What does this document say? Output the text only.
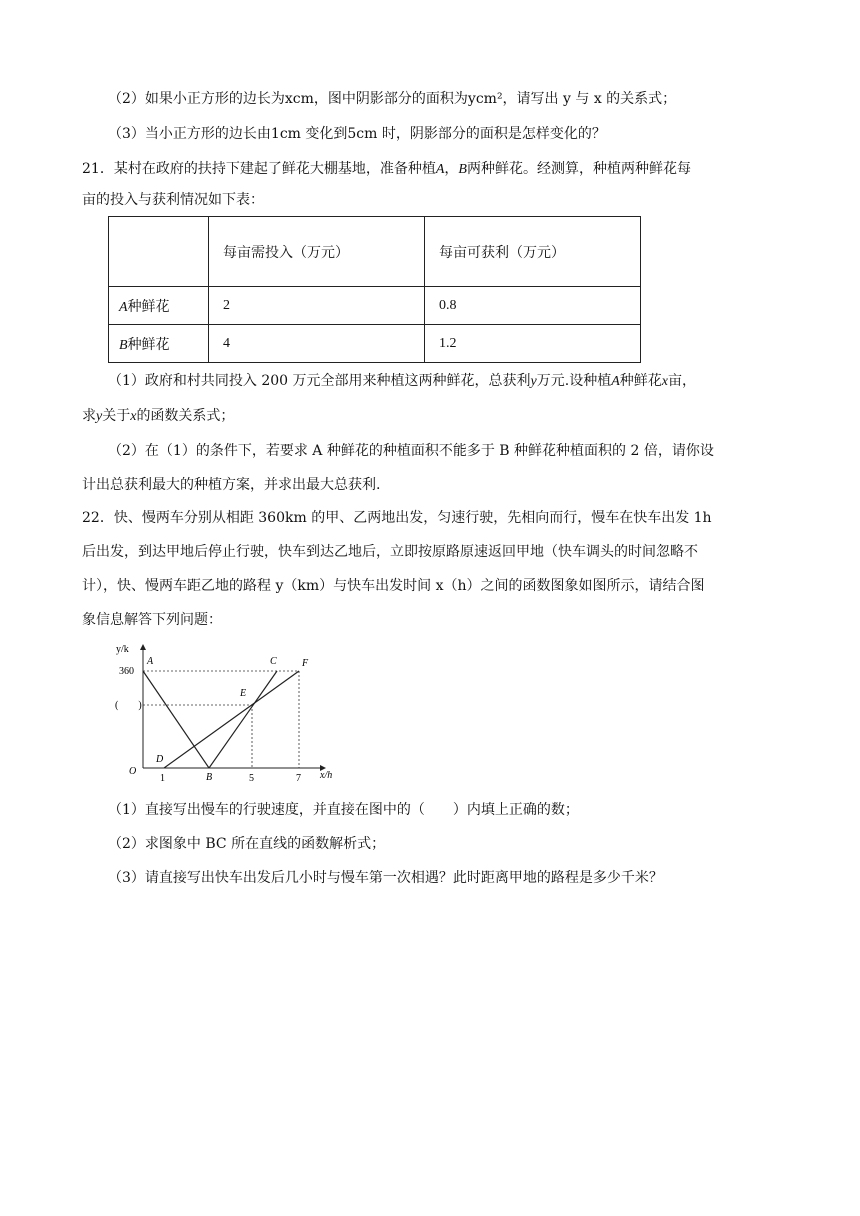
（2）如果小正方形的边长为xcm，图中阴影部分的面积为ycm²，请写出 y 与 x 的关系式；
（3）当小正方形的边长由1cm 变化到5cm 时，阴影部分的面积是怎样变化的？
21．某村在政府的扶持下建起了鲜花大棚基地，准备种植A，B两种鲜花。经测算，种植两种鲜花每
亩的投入与获利情况如下表：
	每亩需投入（万元）	每亩可获利（万元）
A种鲜花	2	0.8
B种鲜花	4	1.2
（1）政府和村共同投入 200 万元全部用来种植这两种鲜花，总获利y万元.设种植A种鲜花x亩，
求y关于x的函数关系式；
（2）在（1）的条件下，若要求 A 种鲜花的种植面积不能多于 B 种鲜花种植面积的 2 倍，请你设
计出总获利最大的种植方案，并求出最大总获利.
22．快、慢两车分别从相距 360km 的甲、乙两地出发，匀速行驶，先相向而行，慢车在快车出发 1h
后出发，到达甲地后停止行驶，快车到达乙地后，立即按原路原速返回甲地（快车调头的时间忽略不
计），快、慢两车距乙地的路程 y（km）与快车出发时间 x（h）之间的函数图象如图所示，请结合图
象信息解答下列问题：
y/k
360
(　　)
O
1	5	7 x/h
A
B
C
D
E
F
（1）直接写出慢车的行驶速度，并直接在图中的（　　）内填上正确的数；
（2）求图象中 BC 所在直线的函数解析式；
（3）请直接写出快车出发后几小时与慢车第一次相遇？此时距离甲地的路程是多少千米？
